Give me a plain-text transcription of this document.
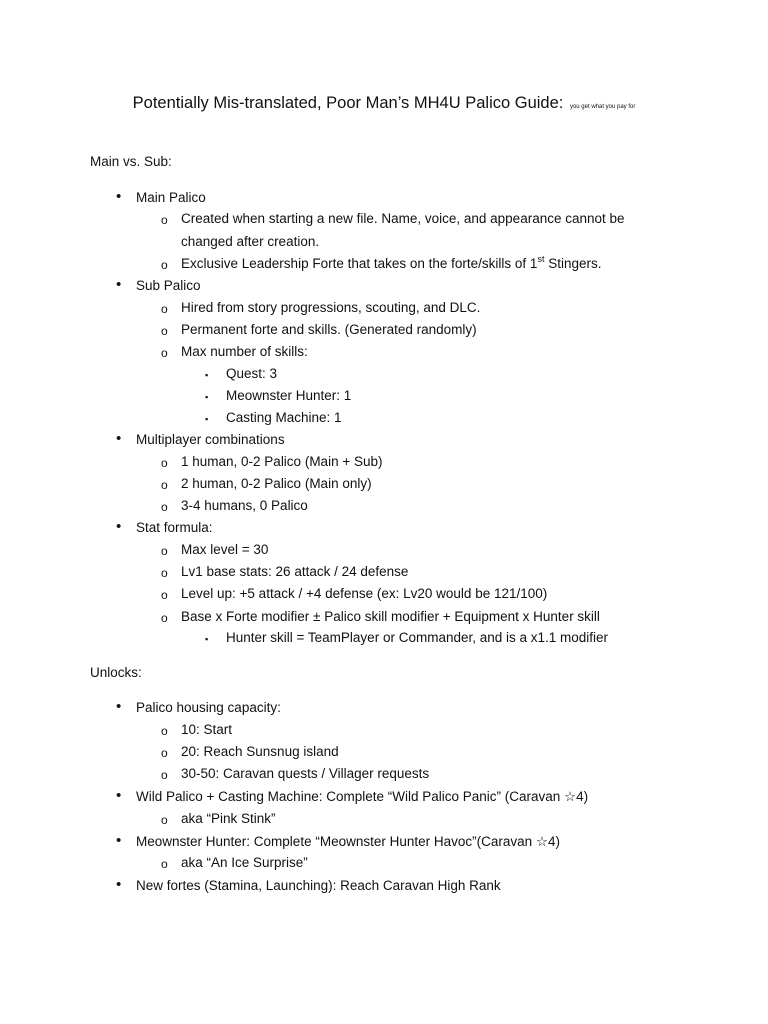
Potentially Mis-translated, Poor Man’s MH4U Palico Guide: you get what you pay for
Main vs. Sub:
• Main Palico
o Created when starting a new file. Name, voice, and appearance cannot be
changed after creation.
o Exclusive Leadership Forte that takes on the forte/skills of 1st Stingers.
• Sub Palico
o Hired from story progressions, scouting, and DLC.
o Permanent forte and skills. (Generated randomly)
o Max number of skills:
▪ Quest: 3
▪ Meownster Hunter: 1
▪ Casting Machine: 1
• Multiplayer combinations
o 1 human, 0-2 Palico (Main + Sub)
o 2 human, 0-2 Palico (Main only)
o 3-4 humans, 0 Palico
• Stat formula:
o Max level = 30
o Lv1 base stats: 26 attack / 24 defense
o Level up: +5 attack / +4 defense (ex: Lv20 would be 121/100)
o Base x Forte modifier ± Palico skill modifier + Equipment x Hunter skill
▪ Hunter skill = TeamPlayer or Commander, and is a x1.1 modifier
Unlocks:
• Palico housing capacity:
o 10: Start
o 20: Reach Sunsnug island
o 30-50: Caravan quests / Villager requests
• Wild Palico + Casting Machine: Complete “Wild Palico Panic” (Caravan ☆4)
o aka “Pink Stink”
• Meownster Hunter: Complete “Meownster Hunter Havoc”(Caravan ☆4)
o aka “An Ice Surprise”
• New fortes (Stamina, Launching): Reach Caravan High Rank
